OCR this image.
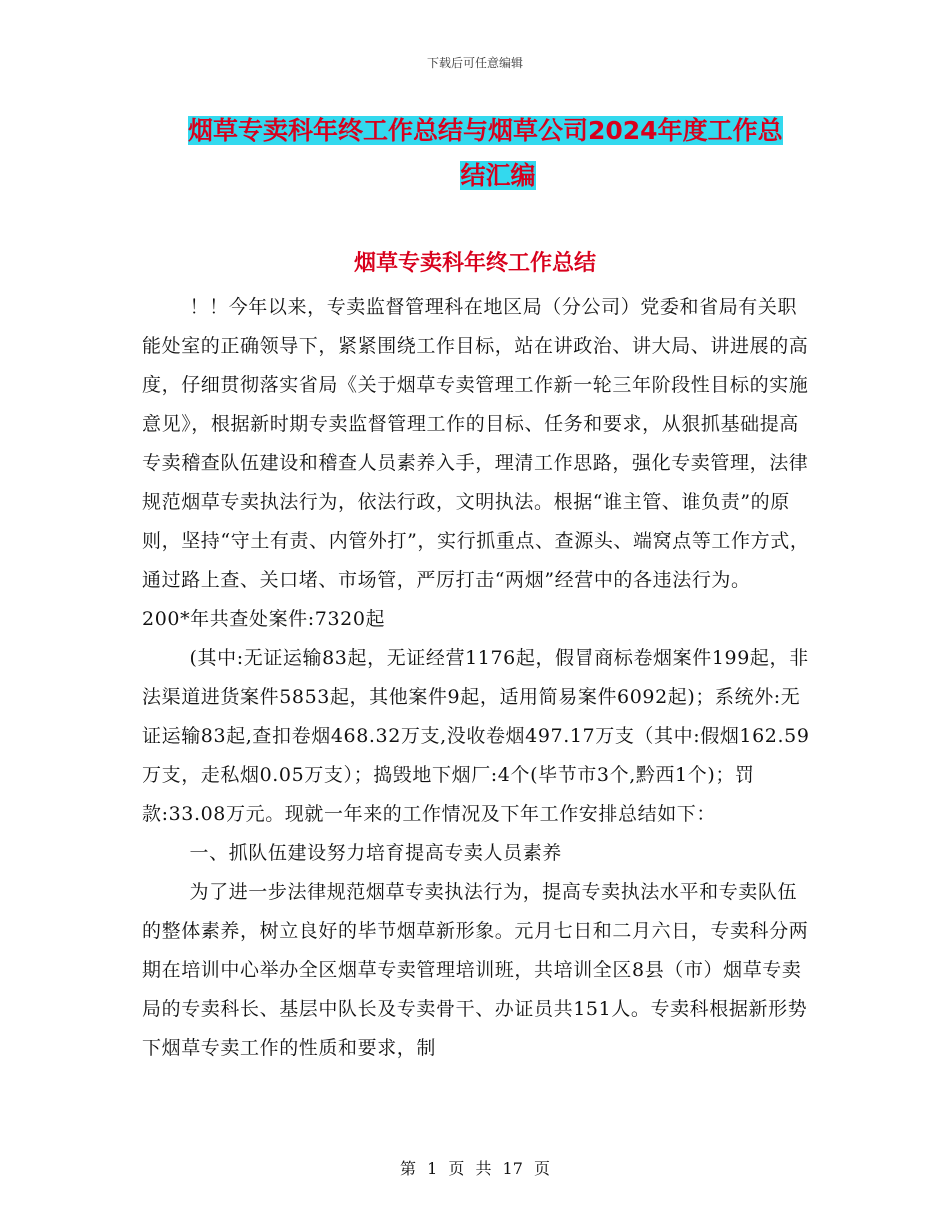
下载后可任意编辑
烟草专卖科年终工作总结与烟草公司2024年度工作总
结汇编
烟草专卖科年终工作总结

！！今年以来，专卖监督管理科在地区局（分公司）党委和省局有关职能处室的正确领导下，紧紧围绕工作目标，站在讲政治、讲大局、讲进展的高度，仔细贯彻落实省局《关于烟草专卖管理工作新一轮三年阶段性目标的实施意见》，根据新时期专卖监督管理工作的目标、任务和要求，从狠抓基础提高专卖稽查队伍建设和稽查人员素养入手，理清工作思路，强化专卖管理，法律规范烟草专卖执法行为，依法行政，文明执法。根据“谁主管、谁负责”的原则，坚持“守土有责、内管外打”，实行抓重点、查源头、端窝点等工作方式，通过路上查、关口堵、市场管，严厉打击“两烟”经营中的各违法行为。

200*年共查处案件:7320起

(其中:无证运输83起，无证经营1176起，假冒商标卷烟案件199起，非法渠道进货案件5853起，其他案件9起，适用简易案件6092起)；系统外:无证运输83起,查扣卷烟468.32万支,没收卷烟497.17万支（其中:假烟162.59万支，走私烟0.05万支）；捣毁地下烟厂:4个(毕节市3个,黔西1个)；罚款:33.08万元。现就一年来的工作情况及下年工作安排总结如下：

一、抓队伍建设努力培育提高专卖人员素养

为了进一步法律规范烟草专卖执法行为，提高专卖执法水平和专卖队伍的整体素养，树立良好的毕节烟草新形象。元月七日和二月六日，专卖科分两期在培训中心举办全区烟草专卖管理培训班，共培训全区8县（市）烟草专卖局的专卖科长、基层中队长及专卖骨干、办证员共151人。专卖科根据新形势下烟草专卖工作的性质和要求，制

第 1 页 共 17 页
